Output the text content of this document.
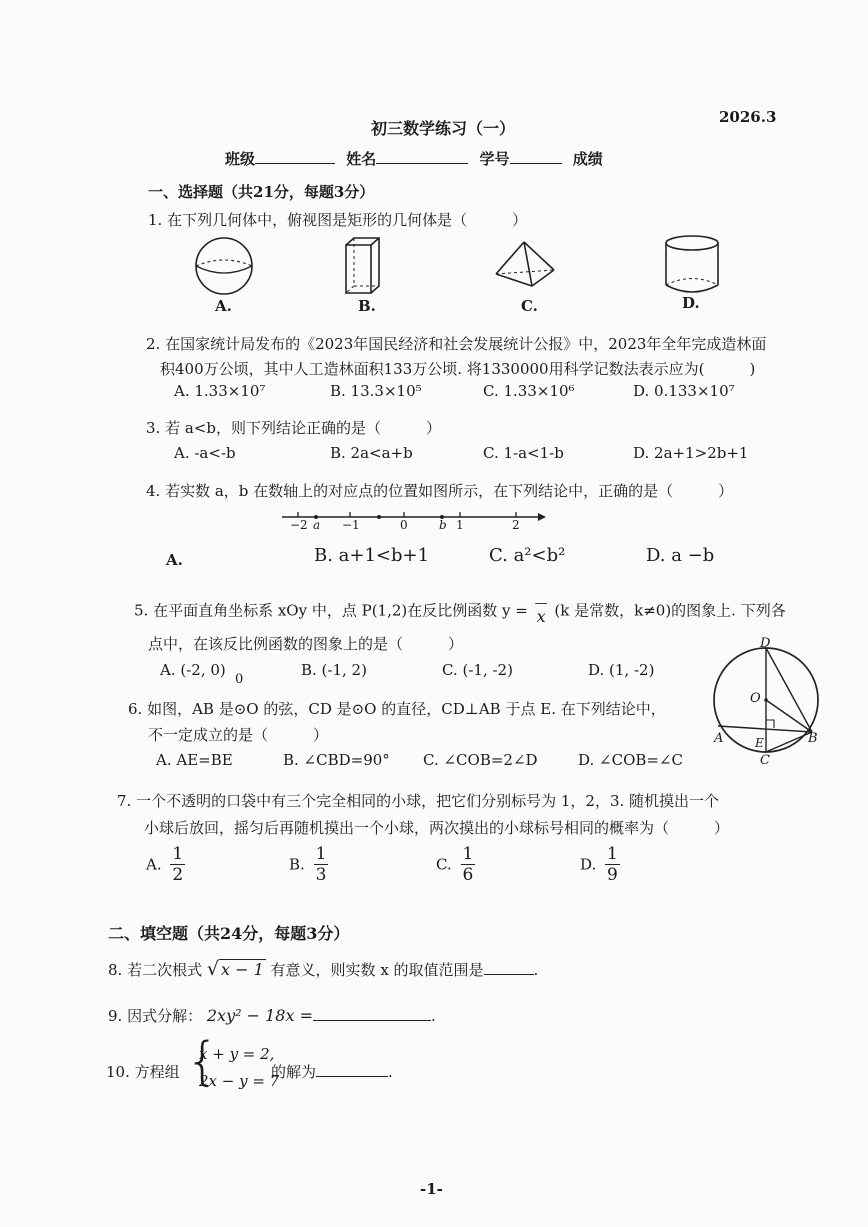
初三数学练习（一）
2026.3
班级	姓名	学号	成绩
一、选择题（共21分，每题3分）
1. 在下列几何体中，俯视图是矩形的几何体是（　　　）
A.	B.	C.	D.
2. 在国家统计局发布的《2023年国民经济和社会发展统计公报》中，2023年全年完成造林面
积400万公顷，其中人工造林面积133万公顷. 将1330000用科学记数法表示应为(　　　)
A. 1.33×10⁷	B. 13.3×10⁵	C. 1.33×10⁶	D. 0.133×10⁷
3. 若 a<b，则下列结论正确的是（　　　）
A. -a<-b	B. 2a<a+b	C. 1-a<1-b	D. 2a+1>2b+1
4. 若实数 a，b 在数轴上的对应点的位置如图所示，在下列结论中，正确的是（　　　）
−2 a −1	0	b 1	2
A.	B. a+1<b+1	C. a²<b²	D. a −b
5. 在平面直角坐标系 xOy 中，点 P(1,2)在反比例函数 y = —
x (k 是常数，k≠0)的图象上. 下列各
点中，在该反比例函数的图象上的是（　　　）
A. (-2, 0)
0
B. (-1, 2)	C. (-1, -2)	D. (1, -2)
D
O
A	E	B
C
6. 如图，AB 是⊙O 的弦，CD 是⊙O 的直径，CD⊥AB 于点 E. 在下列结论中，
不一定成立的是（　　　）
A. AE=BE	B. ∠CBD=90° C. ∠COB=2∠D	D. ∠COB=∠C
7. 一个不透明的口袋中有三个完全相同的小球，把它们分别标号为 1，2，3. 随机摸出一个
小球后放回，摇匀后再随机摸出一个小球，两次摸出的小球标号相同的概率为（　　　）
A. $\frac{1}{2}$	B. $\frac{1}{3}$	C. $\frac{1}{6}$	D. $\frac{1}{9}$
二、填空题（共24分，每题3分）
8. 若二次根式 √ x − 1 有意义，则实数 x 的取值范围是	.
9. 因式分解： 2xy² − 18x =	.
10. 方程组 {
x + y = 2,
2x − y = 7
的解为	.
-1-
